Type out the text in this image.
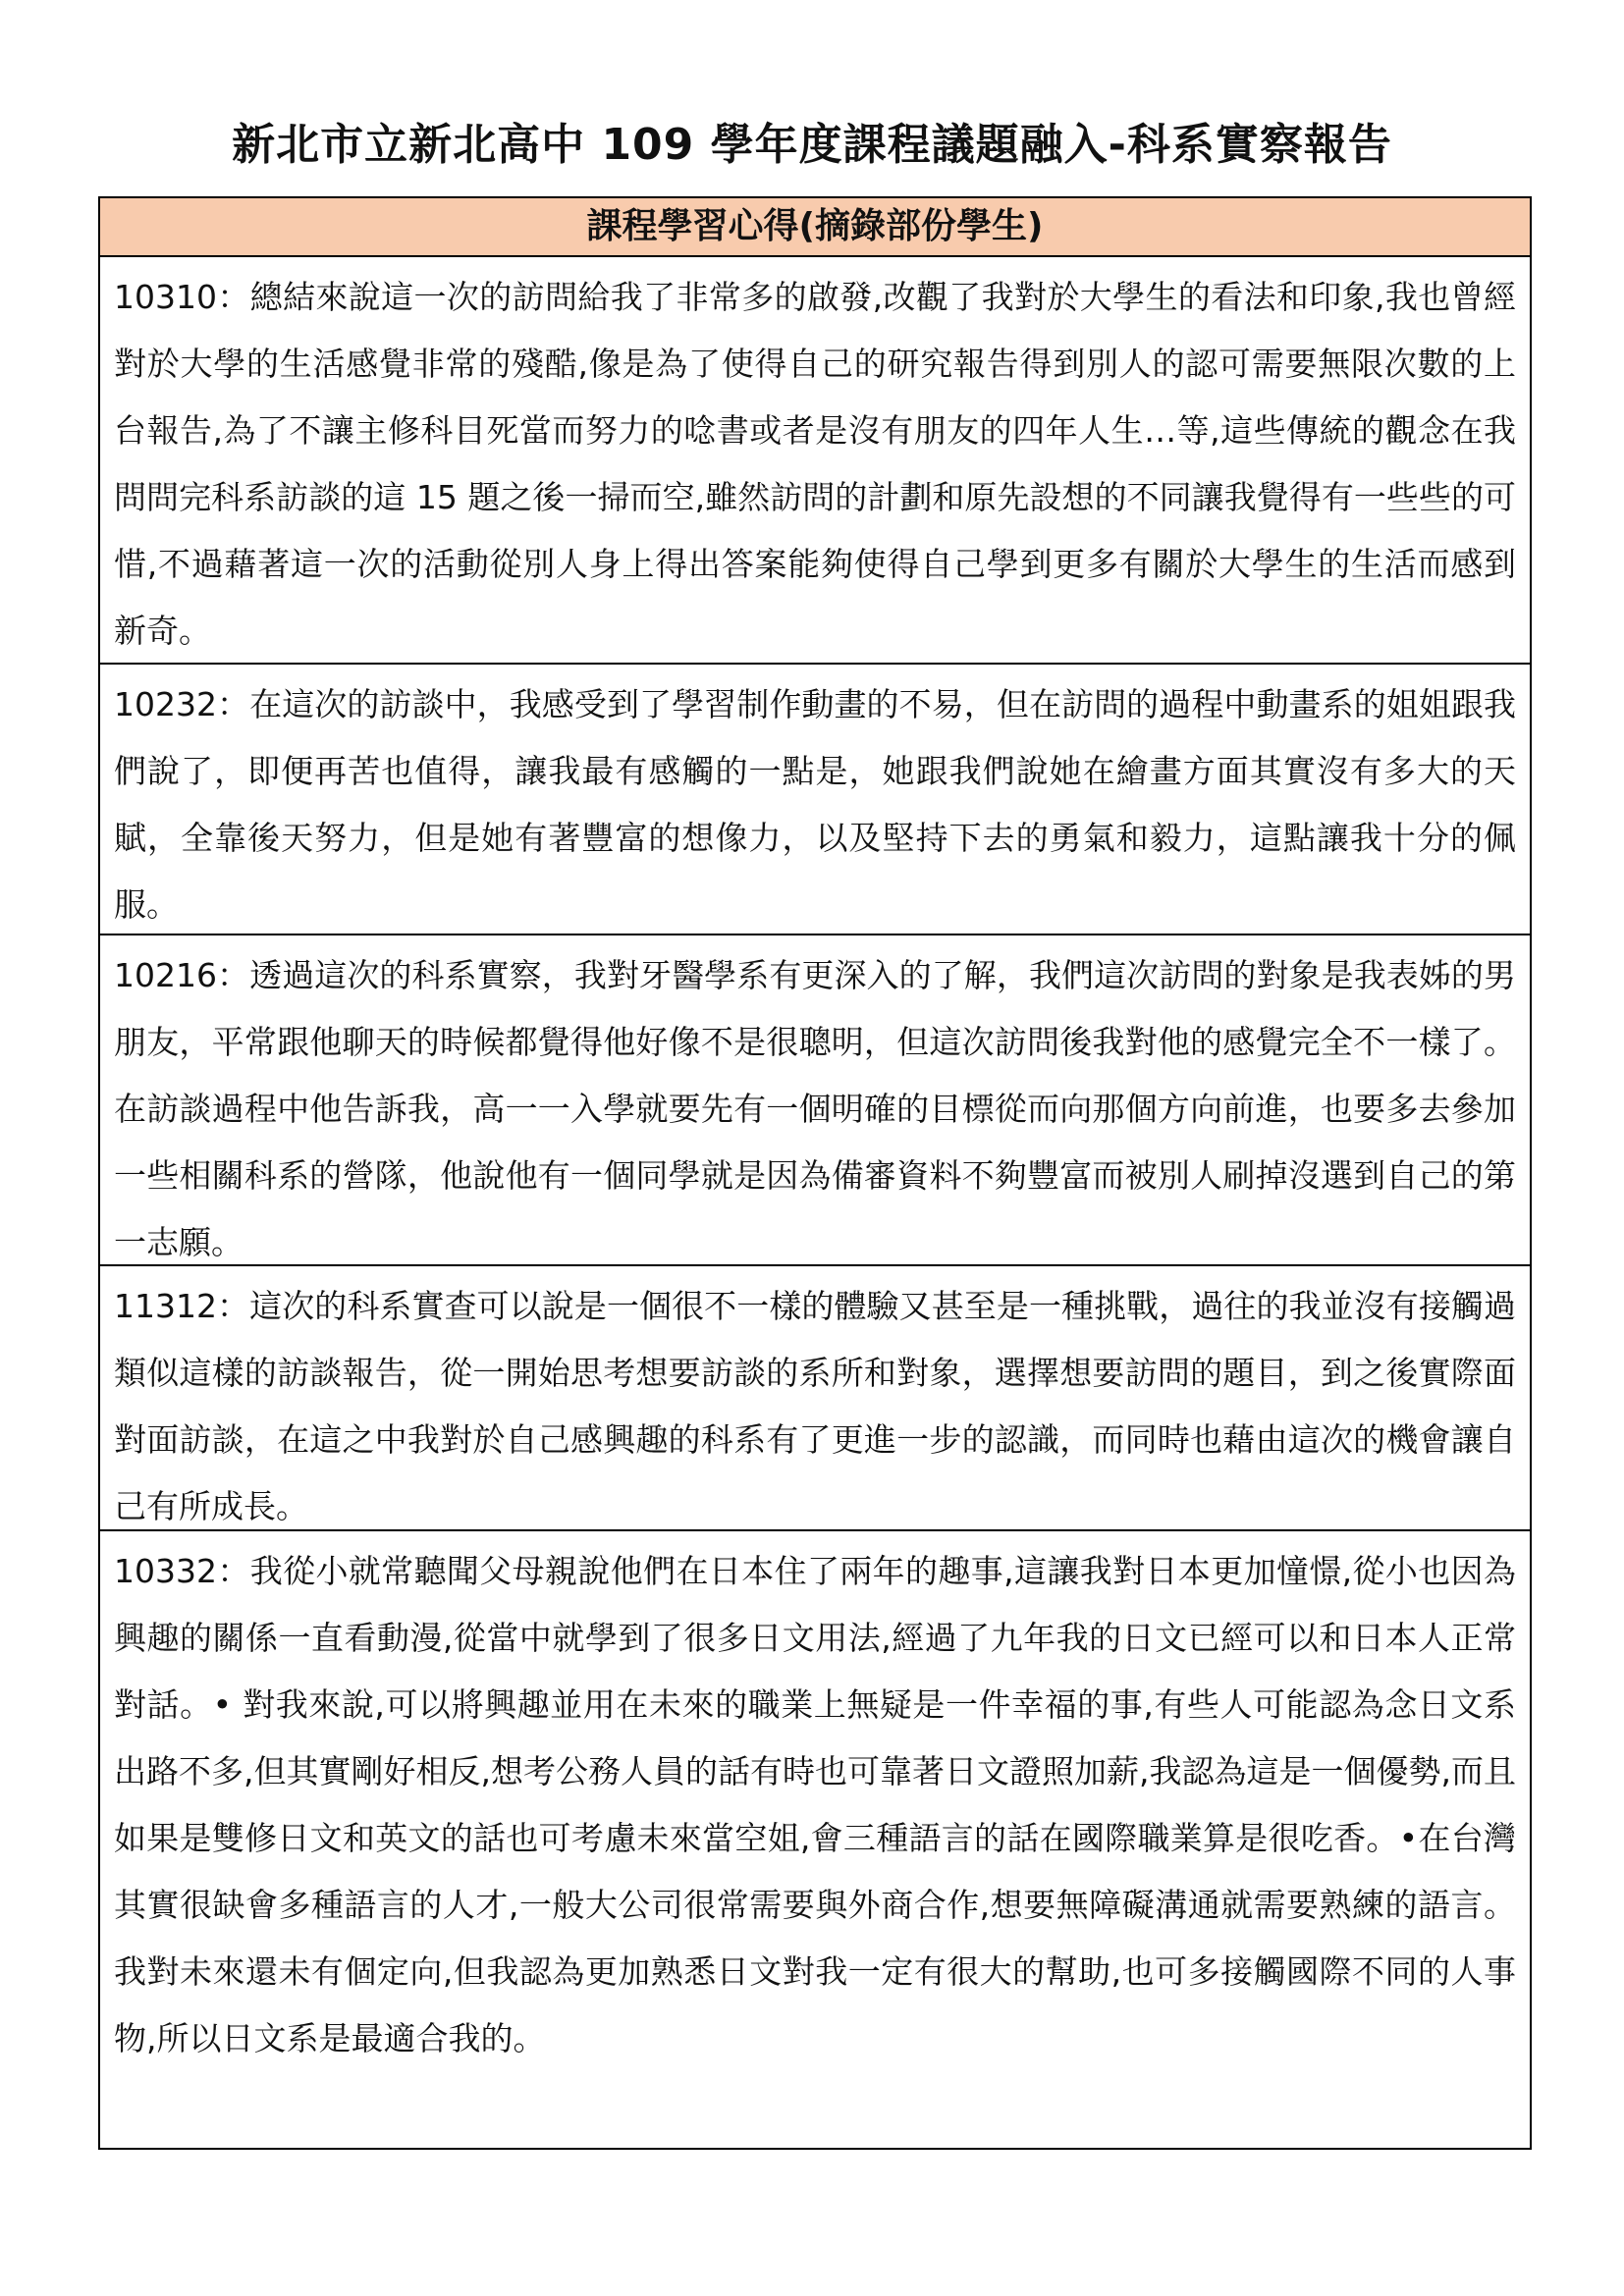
新北市立新北高中 109 學年度課程議題融入-科系實察報告
課程學習心得(摘錄部份學生)
10310：總結來說這一次的訪問給我了非常多的啟發,改觀了我對於大學生的看法和印象,我也曾經對於大學的生活感覺非常的殘酷,像是為了使得自己的研究報告得到別人的認可需要無限次數的上台報告,為了不讓主修科目死當而努力的唸書或者是沒有朋友的四年人生…等,這些傳統的觀念在我問問完科系訪談的這 15 題之後一掃而空,雖然訪問的計劃和原先設想的不同讓我覺得有一些些的可惜,不過藉著這一次的活動從別人身上得出答案能夠使得自己學到更多有關於大學生的生活而感到新奇。
10232：在這次的訪談中，我感受到了學習制作動畫的不易，但在訪問的過程中動畫系的姐姐跟我們說了，即便再苦也值得，讓我最有感觸的一點是，她跟我們說她在繪畫方面其實沒有多大的天賦，全靠後天努力，但是她有著豐富的想像力，以及堅持下去的勇氣和毅力，這點讓我十分的佩服。
10216：透過這次的科系實察，我對牙醫學系有更深入的了解，我們這次訪問的對象是我表姊的男朋友，平常跟他聊天的時候都覺得他好像不是很聰明，但這次訪問後我對他的感覺完全不一樣了。在訪談過程中他告訴我，高一一入學就要先有一個明確的目標從而向那個方向前進，也要多去參加一些相關科系的營隊，他說他有一個同學就是因為備審資料不夠豐富而被別人刷掉沒選到自己的第一志願。
11312：這次的科系實查可以說是一個很不一樣的體驗又甚至是一種挑戰，過往的我並沒有接觸過類似這樣的訪談報告，從一開始思考想要訪談的系所和對象，選擇想要訪問的題目，到之後實際面對面訪談，在這之中我對於自己感興趣的科系有了更進一步的認識，而同時也藉由這次的機會讓自己有所成長。
10332：我從小就常聽聞父母親說他們在日本住了兩年的趣事,這讓我對日本更加憧憬,從小也因為興趣的關係一直看動漫,從當中就學到了很多日文用法,經過了九年我的日文已經可以和日本人正常對話。• 對我來說,可以將興趣並用在未來的職業上無疑是一件幸福的事,有些人可能認為念日文系出路不多,但其實剛好相反,想考公務人員的話有時也可靠著日文證照加薪,我認為這是一個優勢,而且如果是雙修日文和英文的話也可考慮未來當空姐,會三種語言的話在國際職業算是很吃香。•在台灣其實很缺會多種語言的人才,一般大公司很常需要與外商合作,想要無障礙溝通就需要熟練的語言。我對未來還未有個定向,但我認為更加熟悉日文對我一定有很大的幫助,也可多接觸國際不同的人事物,所以日文系是最適合我的。
